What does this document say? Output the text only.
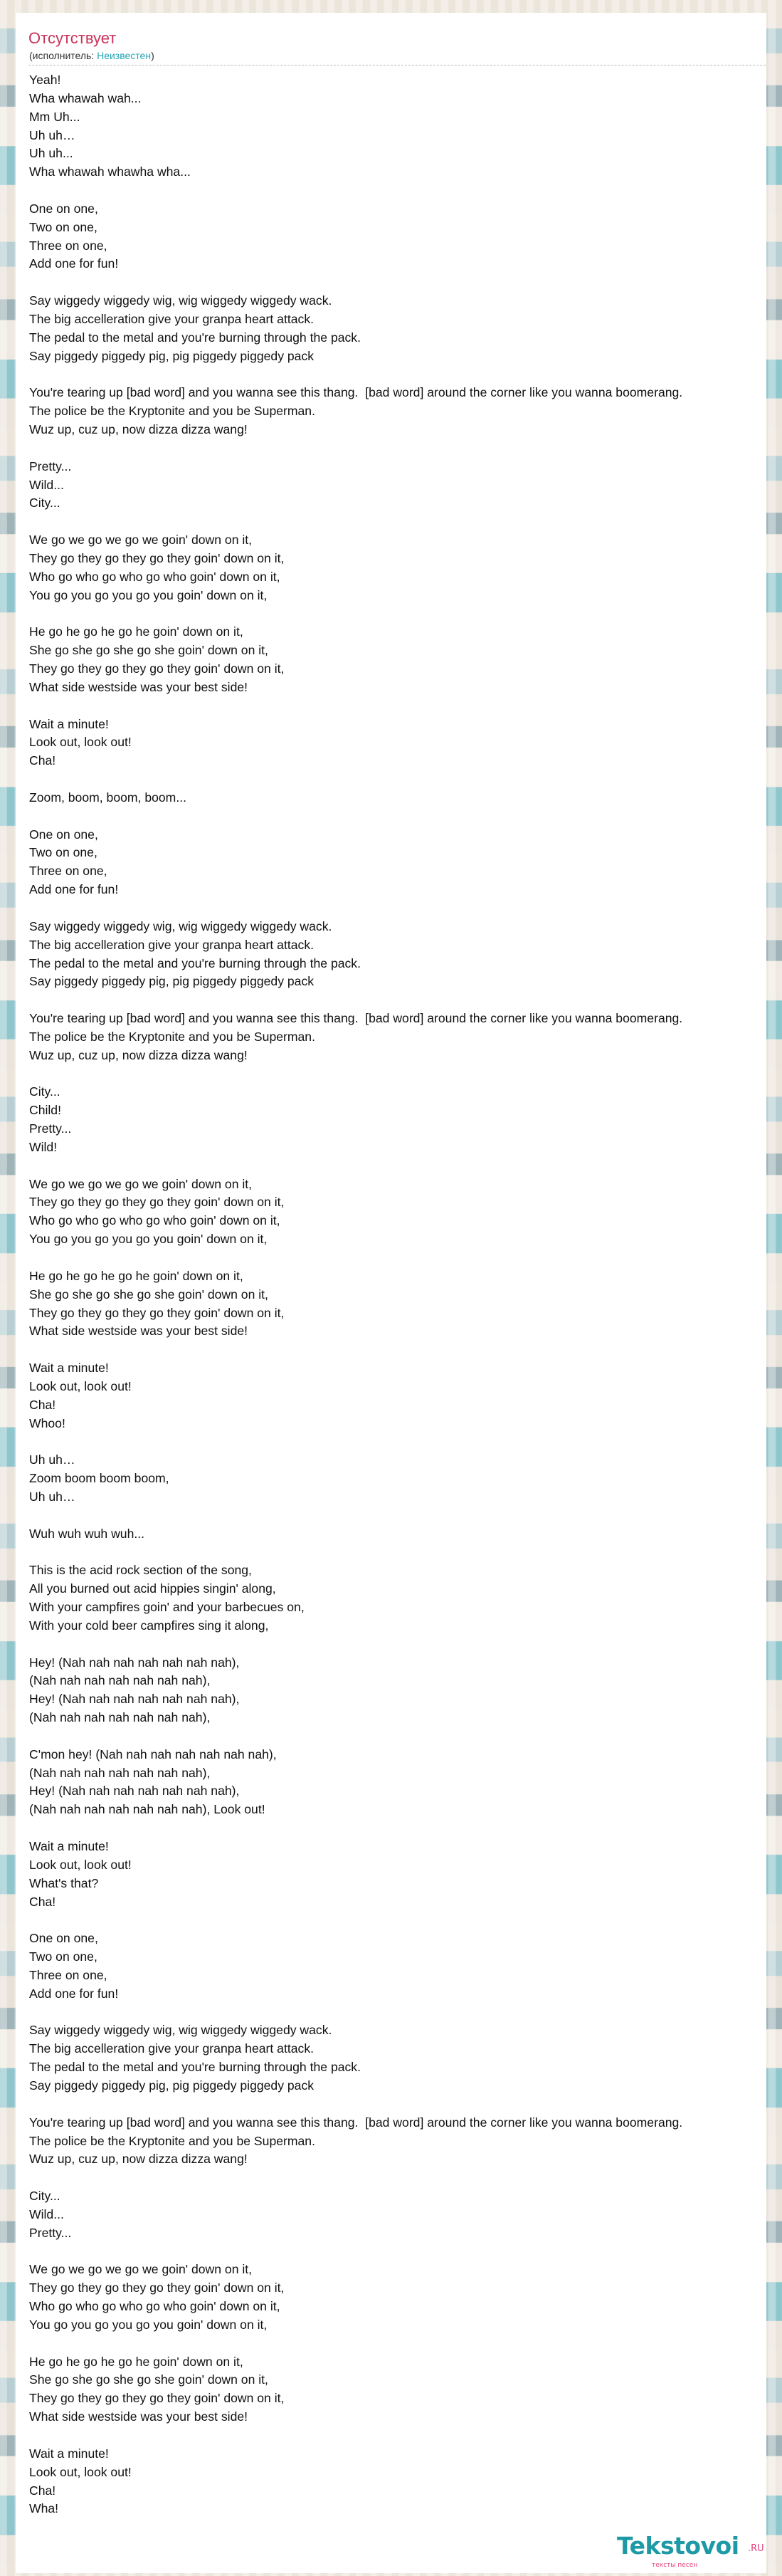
Отсутствует
(исполнитель: Неизвестен)
Yeah!
Wha whawah wah...
Mm Uh...
Uh uh…
Uh uh...
Wha whawah whawha wha...

One on one,
Two on one,
Three on one,
Add one for fun!

Say wiggedy wiggedy wig, wig wiggedy wiggedy wack.
The big accelleration give your granpa heart attack.
The pedal to the metal and you're burning through the pack.
Say piggedy piggedy pig, pig piggedy piggedy pack

You're tearing up [bad word] and you wanna see this thang.  [bad word] around the corner like you wanna boomerang.
The police be the Kryptonite and you be Superman.
Wuz up, cuz up, now dizza dizza wang!

Pretty...
Wild...
City...

We go we go we go we goin' down on it,
They go they go they go they goin' down on it,
Who go who go who go who goin' down on it,
You go you go you go you goin' down on it,

He go he go he go he goin' down on it,
She go she go she go she goin' down on it,
They go they go they go they goin' down on it,
What side westside was your best side!

Wait a minute!
Look out, look out!
Cha!

Zoom, boom, boom, boom...

One on one,
Two on one,
Three on one,
Add one for fun!

Say wiggedy wiggedy wig, wig wiggedy wiggedy wack.
The big accelleration give your granpa heart attack.
The pedal to the metal and you're burning through the pack.
Say piggedy piggedy pig, pig piggedy piggedy pack

You're tearing up [bad word] and you wanna see this thang.  [bad word] around the corner like you wanna boomerang.
The police be the Kryptonite and you be Superman.
Wuz up, cuz up, now dizza dizza wang!

City...
Child!
Pretty...
Wild!

We go we go we go we goin' down on it,
They go they go they go they goin' down on it,
Who go who go who go who goin' down on it,
You go you go you go you goin' down on it,

He go he go he go he goin' down on it,
She go she go she go she goin' down on it,
They go they go they go they goin' down on it,
What side westside was your best side!

Wait a minute!
Look out, look out!
Cha!
Whoo!

Uh uh…
Zoom boom boom boom,
Uh uh…

Wuh wuh wuh wuh...

This is the acid rock section of the song,
All you burned out acid hippies singin' along,
With your campfires goin' and your barbecues on,
With your cold beer campfires sing it along,

Hey! (Nah nah nah nah nah nah nah),
(Nah nah nah nah nah nah nah),
Hey! (Nah nah nah nah nah nah nah),
(Nah nah nah nah nah nah nah),

C'mon hey! (Nah nah nah nah nah nah nah),
(Nah nah nah nah nah nah nah),
Hey! (Nah nah nah nah nah nah nah),
(Nah nah nah nah nah nah nah), Look out!

Wait a minute!
Look out, look out!
What's that?
Cha!

One on one,
Two on one,
Three on one,
Add one for fun!

Say wiggedy wiggedy wig, wig wiggedy wiggedy wack.
The big accelleration give your granpa heart attack.
The pedal to the metal and you're burning through the pack.
Say piggedy piggedy pig, pig piggedy piggedy pack

You're tearing up [bad word] and you wanna see this thang.  [bad word] around the corner like you wanna boomerang.
The police be the Kryptonite and you be Superman.
Wuz up, cuz up, now dizza dizza wang!

City...
Wild...
Pretty...

We go we go we go we goin' down on it,
They go they go they go they goin' down on it,
Who go who go who go who goin' down on it,
You go you go you go you goin' down on it,

He go he go he go he goin' down on it,
She go she go she go she goin' down on it,
They go they go they go they goin' down on it,
What side westside was your best side!

Wait a minute!
Look out, look out!
Cha!
Wha!
Tekstovoi .RU
тексты песен
